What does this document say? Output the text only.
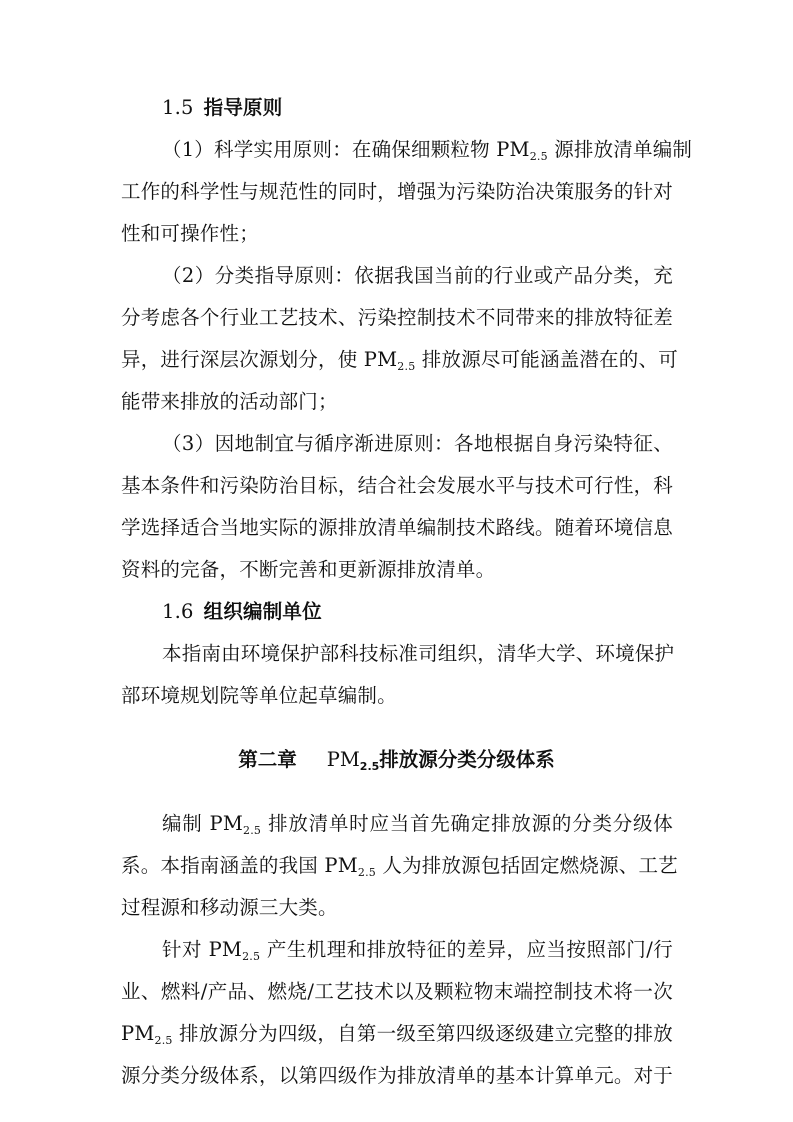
1.5 指导原则
（1）科学实用原则：在确保细颗粒物 $PM_{2.5}$ 源排放清单编制
工作的科学性与规范性的同时，增强为污染防治决策服务的针对
性和可操作性；
（2）分类指导原则：依据我国当前的行业或产品分类，充
分考虑各个行业工艺技术、污染控制技术不同带来的排放特征差
异，进行深层次源划分，使 $PM_{2.5}$ 排放源尽可能涵盖潜在的、可
能带来排放的活动部门；
（3）因地制宜与循序渐进原则：各地根据自身污染特征、
基本条件和污染防治目标，结合社会发展水平与技术可行性，科
学选择适合当地实际的源排放清单编制技术路线。随着环境信息
资料的完备，不断完善和更新源排放清单。
1.6 组织编制单位
本指南由环境保护部科技标准司组织，清华大学、环境保护
部环境规划院等单位起草编制。
第二章 $PM_{2.5}$排放源分类分级体系
编制 $PM_{2.5}$ 排放清单时应当首先确定排放源的分类分级体
系。本指南涵盖的我国 $PM_{2.5}$ 人为排放源包括固定燃烧源、工艺
过程源和移动源三大类。
针对 $PM_{2.5}$ 产生机理和排放特征的差异，应当按照部门/行
业、燃料/产品、燃烧/工艺技术以及颗粒物末端控制技术将一次
$PM_{2.5}$ 排放源分为四级，自第一级至第四级逐级建立完整的排放
源分类分级体系，以第四级作为排放清单的基本计算单元。对于
